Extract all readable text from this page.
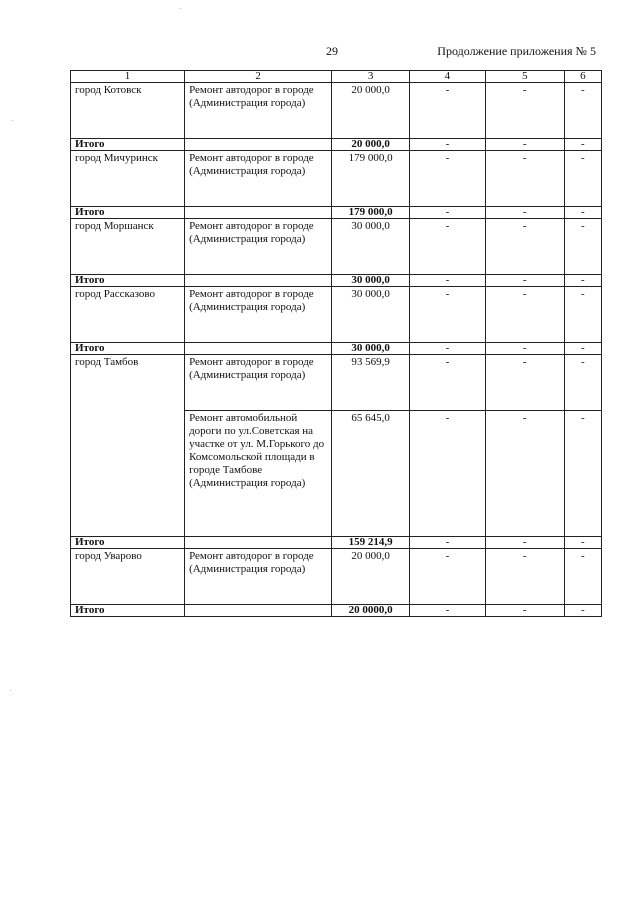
29	Продолжение приложения № 5
1	2	3	4	5	6
город Котовск	Ремонт автодорог в городе (Администрация города)	20 000,0	-	-	-
Итого		20 000,0	-	-	-
город Мичуринск	Ремонт автодорог в городе (Администрация города)	179 000,0	-	-	-
Итого		179 000,0	-	-	-
город Моршанск	Ремонт автодорог в городе (Администрация города)	30 000,0	-	-	-
Итого		30 000,0	-	-	-
город Рассказово	Ремонт автодорог в городе (Администрация города)	30 000,0	-	-	-
Итого		30 000,0	-	-	-
город Тамбов	Ремонт автодорог в городе (Администрация города)	93 569,9	-	-	-
	Ремонт автомобильной дороги по ул.Советская на участке от ул. М.Горького до Комсомольской площади в городе Тамбове (Администрация города)	65 645,0	-	-	-
Итого		159 214,9	-	-	-
город Уварово	Ремонт автодорог в городе (Администрация города)	20 000,0	-	-	-
Итого		20 0000,0	-	-	-
